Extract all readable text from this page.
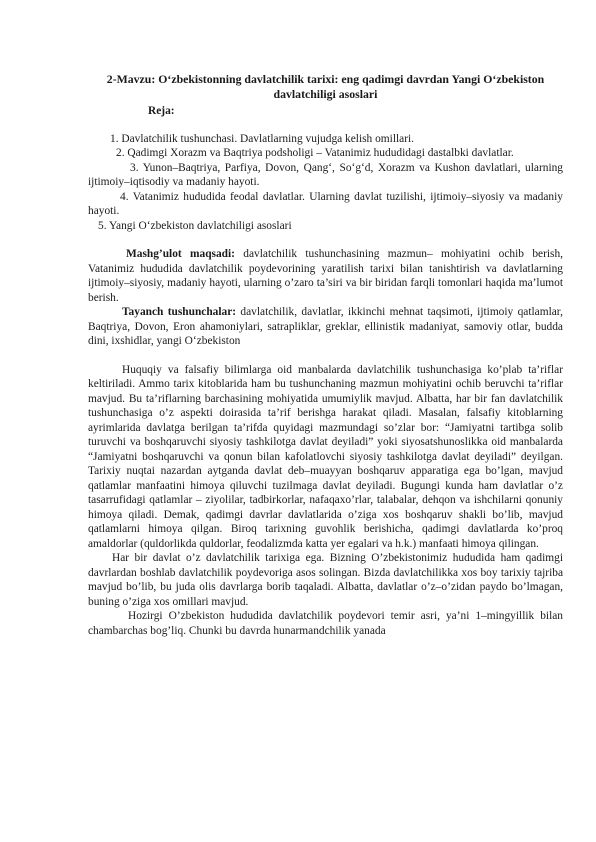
2-Mavzu: O‘zbekistonning davlatchilik tarixi: eng qadimgi davrdan Yangi O‘zbekiston davlatchiligi asoslari
Reja:

1. Davlatchilik tushunchasi. Davlatlarning vujudga kelish omillari.

2. Qadimgi Xorazm va Baqtriya podsholigi – Vatanimiz hududidagi dastalbki davlatlar.

3. Yunon–Baqtriya, Parfiya, Dovon, Qang‘, So‘g‘d, Xorazm va Kushon davlatlari, ularning ijtimoiy–iqtisodiy va madaniy hayoti.

4. Vatanimiz hududida feodal davlatlar. Ularning davlat tuzilishi, ijtimoiy–siyosiy va madaniy hayoti.

5. Yangi O‘zbekiston davlatchiligi asoslari

Mashg’ulot maqsadi: davlatchilik tushunchasining mazmun– mohiyatini ochib berish, Vatanimiz hududida davlatchilik poydevorining yaratilish tarixi bilan tanishtirish va davlatlarning ijtimoiy–siyosiy, madaniy hayoti, ularning o’zaro ta’siri va bir biridan farqli tomonlari haqida ma’lumot berish.

Tayanch tushunchalar: davlatchilik, davlatlar, ikkinchi mehnat taqsimoti, ijtimoiy qatlamlar, Baqtriya, Dovon, Eron ahamoniylari, satrapliklar, greklar, ellinistik madaniyat, samoviy otlar, budda dini, ixshidlar, yangi O‘zbekiston

Huquqiy va falsafiy bilimlarga oid manbalarda davlatchilik tushunchasiga ko’plab ta’riflar keltiriladi. Ammo tarix kitoblarida ham bu tushunchaning mazmun mohiyatini ochib beruvchi ta’riflar mavjud. Bu ta’riflarning barchasining mohiyatida umumiylik mavjud. Albatta, har bir fan davlatchilik tushunchasiga o’z aspekti doirasida ta’rif berishga harakat qiladi. Masalan, falsafiy kitoblarning ayrimlarida davlatga berilgan ta’rifda quyidagi mazmundagi so’zlar bor: “Jamiyatni tartibga solib turuvchi va boshqaruvchi siyosiy tashkilotga davlat deyiladi” yoki siyosatshunoslikka oid manbalarda “Jamiyatni boshqaruvchi va qonun bilan kafolatlovchi siyosiy tashkilotga davlat deyiladi” deyilgan. Tarixiy nuqtai nazardan aytganda davlat deb–muayyan boshqaruv apparatiga ega bo’lgan, mavjud qatlamlar manfaatini himoya qiluvchi tuzilmaga davlat deyiladi. Bugungi kunda ham davlatlar o’z tasarrufidagi qatlamlar – ziyolilar, tadbirkorlar, nafaqaxo’rlar, talabalar, dehqon va ishchilarni qonuniy himoya qiladi. Demak, qadimgi davrlar davlatlarida o’ziga xos boshqaruv shakli bo’lib, mavjud qatlamlarni himoya qilgan. Biroq tarixning guvohlik berishicha, qadimgi davlatlarda ko’proq amaldorlar (quldorlikda quldorlar, feodalizmda katta yer egalari va h.k.) manfaati himoya qilingan.

Har bir davlat o’z davlatchilik tarixiga ega. Bizning O’zbekistonimiz hududida ham qadimgi davrlardan boshlab davlatchilik poydevoriga asos solingan. Bizda davlatchilikka xos boy tarixiy tajriba mavjud bo’lib, bu juda olis davrlarga borib taqaladi. Albatta, davlatlar o’z–o’zidan paydo bo’lmagan, buning o’ziga xos omillari mavjud.

Hozirgi O’zbekiston hududida davlatchilik poydevori temir asri, ya’ni 1–mingyillik bilan chambarchas bog’liq. Chunki bu davrda hunarmandchilik yanada
